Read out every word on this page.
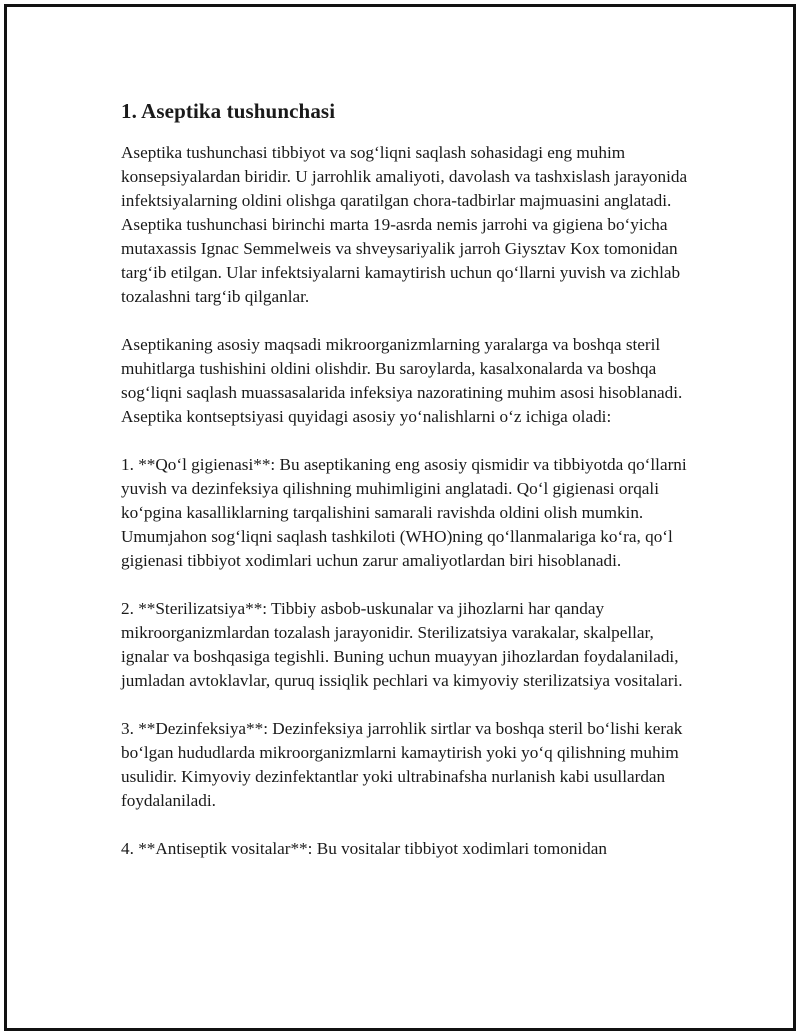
1. Aseptika tushunchasi

Aseptika tushunchasi tibbiyot va sog‘liqni saqlash sohasidagi eng muhim konsepsiyalardan biridir. U jarrohlik amaliyoti, davolash va tashxislash jarayonida infektsiyalarning oldini olishga qaratilgan chora-tadbirlar majmuasini anglatadi. Aseptika tushunchasi birinchi marta 19-asrda nemis jarrohi va gigiena bo‘yicha mutaxassis Ignac Semmelweis va shveysariyalik jarroh Giysztav Kox tomonidan targ‘ib etilgan. Ular infektsiyalarni kamaytirish uchun qo‘llarni yuvish va zichlab tozalashni targ‘ib qilganlar.

Aseptikaning asosiy maqsadi mikroorganizmlarning yaralarga va boshqa steril muhitlarga tushishini oldini olishdir. Bu saroylarda, kasalxonalarda va boshqa sog‘liqni saqlash muassasalarida infeksiya nazoratining muhim asosi hisoblanadi. Aseptika kontseptsiyasi quyidagi asosiy yo‘nalishlarni o‘z ichiga oladi:

1. **Qo‘l gigienasi**: Bu aseptikaning eng asosiy qismidir va tibbiyotda qo‘llarni yuvish va dezinfeksiya qilishning muhimligini anglatadi. Qo‘l gigienasi orqali ko‘pgina kasalliklarning tarqalishini samarali ravishda oldini olish mumkin. Umumjahon sog‘liqni saqlash tashkiloti (WHO)ning qo‘llanmalariga ko‘ra, qo‘l gigienasi tibbiyot xodimlari uchun zarur amaliyotlardan biri hisoblanadi.

2. **Sterilizatsiya**: Tibbiy asbob-uskunalar va jihozlarni har qanday mikroorganizmlardan tozalash jarayonidir. Sterilizatsiya varakalar, skalpellar, ignalar va boshqasiga tegishli. Buning uchun muayyan jihozlardan foydalaniladi, jumladan avtoklavlar, quruq issiqlik pechlari va kimyoviy sterilizatsiya vositalari.

3. **Dezinfeksiya**: Dezinfeksiya jarrohlik sirtlar va boshqa steril bo‘lishi kerak bo‘lgan hududlarda mikroorganizmlarni kamaytirish yoki yo‘q qilishning muhim usulidir. Kimyoviy dezinfektantlar yoki ultrabinafsha nurlanish kabi usullardan foydalaniladi.

4. **Antiseptik vositalar**: Bu vositalar tibbiyot xodimlari tomonidan
